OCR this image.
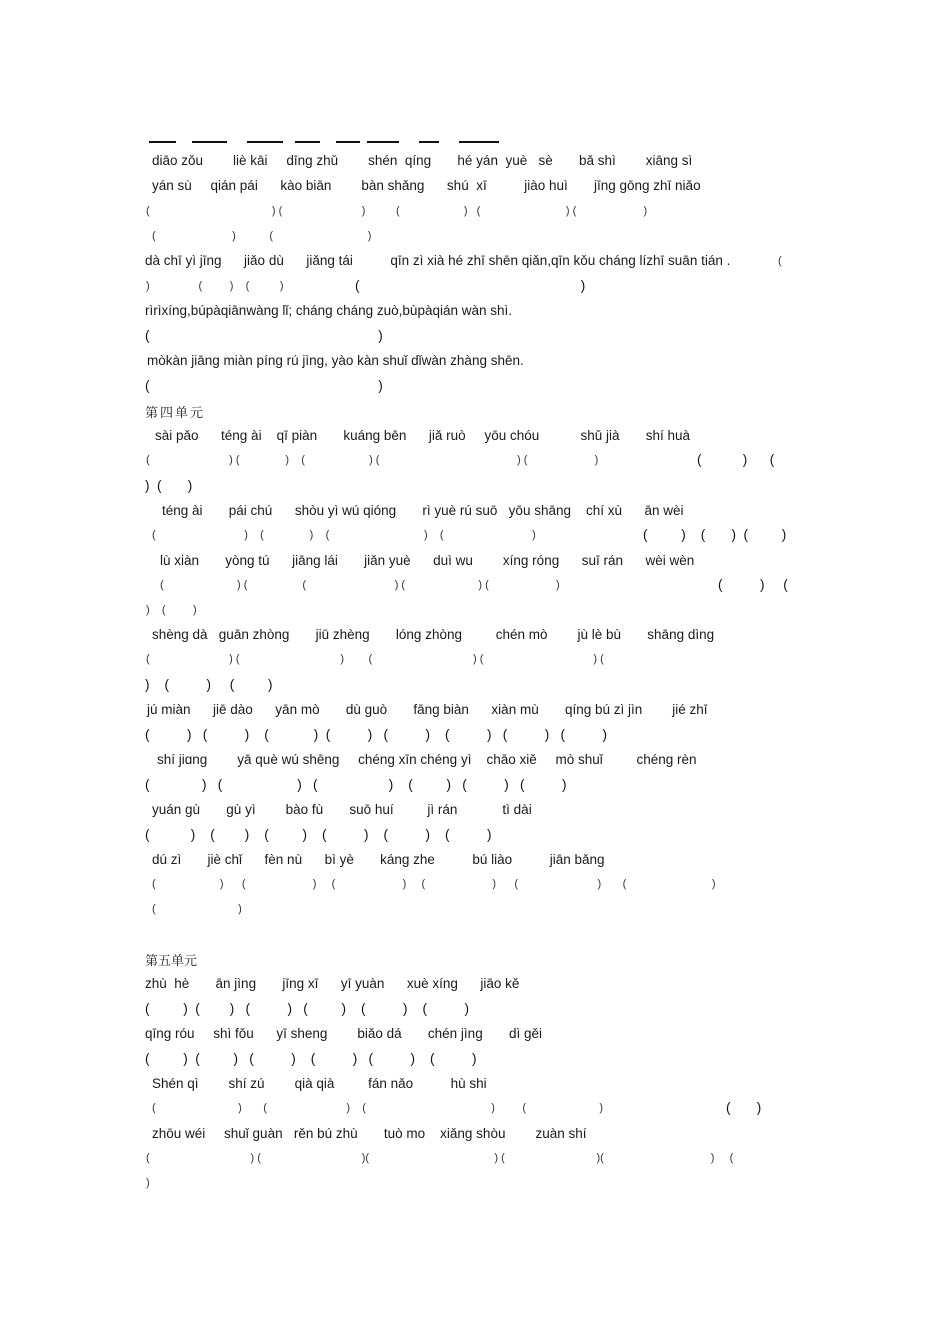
diāo zǒu        liè kāi     dīng zhǔ        shén  qíng       hé yán  yuè   sè       bǎ shì        xiāng sì
yán sù     qián pái      kào biān        bàn shǎng      shú  xī          jiào huì       jīng gōng zhī niǎo
(                                        ) (                          )          (                     )   (                            ) (                      )
(                         )           (                               )
dà chī yì jīng      jiǎo dù      jiǎng tái          qīn zì xià hé zhī shēn qiǎn,qīn kǒu cháng lízhī suān tián .	(
)                (         )    (          )	(                                                           )
rìrìxíng,búpàqiānwàng lǐ; cháng cháng zuò,bùpàqián wàn shì.
(                                                             )
mòkàn jiāng miàn píng rú jìng, yào kàn shuǐ dǐwàn zhàng shēn.
(                                                             )
第四单元
sài pǎo      téng ài    qī piàn       kuáng bēn      jiǎ ruò     yōu chóu           shǔ jià       shí huà
(                          ) (               )    (                     ) (                                             ) (                      )	(           )      (
)  (       )
téng ài       pái chú      shòu yì wú qióng       rì yuè rú suō   yōu shāng    chí xù      ān wèi
(                             )    (               )    (                               )    (                             )	(         )    (       )  (         )
lù xiàn       yòng tú      jiāng lái       jiǎn yuè      duì wu        xíng róng      suī rán      wèi wèn
(                        ) (                  (                             ) (                        ) (                      )	(          )     (
)    (         )
shèng dà   guān zhòng       jiū zhèng       lóng zhòng         chén mò        jù lè bù       shāng dìng
(                          ) (                                 )        (                                 ) (                                    ) (
)    (          )     (         )
jú miàn      jiē dào      yān mò       dù guò       fāng biàn      xiàn mù       qíng bú zì jìn        jié zhī
(          )   (          )    (            )  (          )   (          )    (          )   (          )   (          )
shí jiɑng        yā què wú shēng     chéng xīn chéng yì    chāo xiě     mò shuǐ         chéng rèn
(              )   (                    )   (                   )    (         )   (          )   (          )
yuán gù       gù yì        bào fù       suō huí         jì rán            tì dài
(           )    (        )    (         )    (          )    (          )    (          )
dú zì       jiè chǐ      fèn nù      bì yè       káng zhe          bú liào          jiān bǎng
(                     )      (                      )     (                      )     (                      )      (                          )       (                            )
(                           )
第五单元
zhù  hè       ān jìng       jīng xī      yī yuàn      xuè xíng      jiāo kě
(         )  (        )   (          )   (         )    (          )    (          )
qīng róu     shì fǒu      yī sheng        biǎo dá       chén jìng       dì gěi
(         )  (         )   (          )    (          )   (          )    (          )
Shén qì        shí zú        qià qià         fán nǎo          hù shi
(                           )       (                          )    (                                         )         (                        )	(       )
zhōu wéi     shuǐ guàn   rěn bú zhù       tuò mo    xiǎng shòu        zuàn shí
(                                 ) (                                 )(                                         ) (                              )(                                   )     (
)
